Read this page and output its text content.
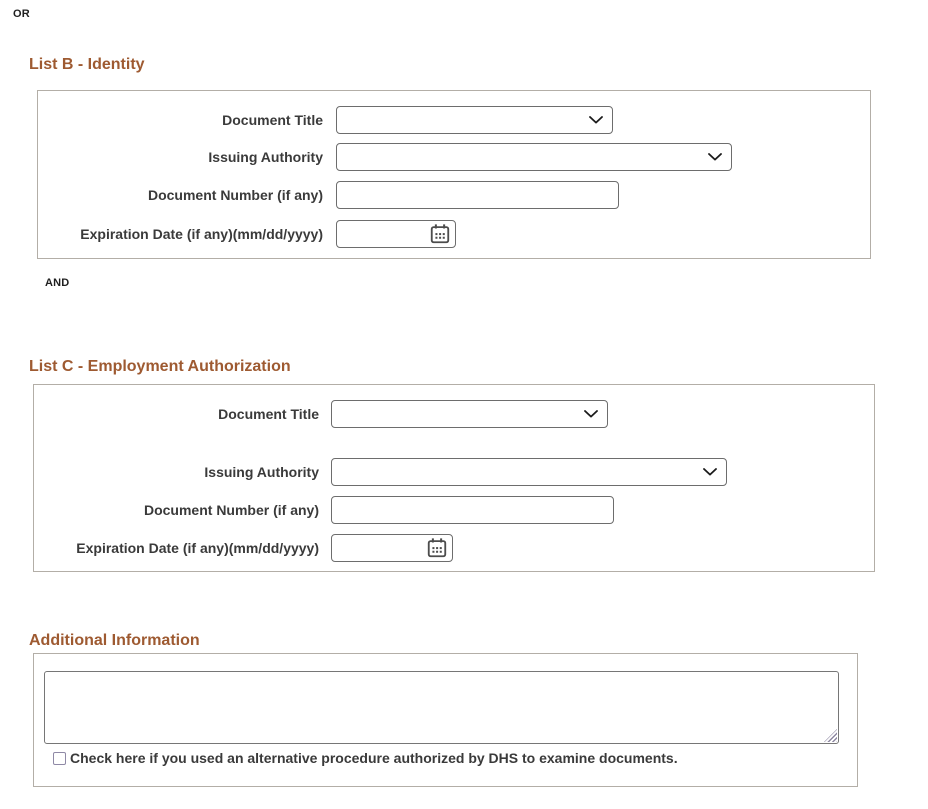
OR
List B - Identity
Document Title
Issuing Authority
Document Number (if any)
Expiration Date (if any)(mm/dd/yyyy)
AND
List C - Employment Authorization
Document Title
Issuing Authority
Document Number (if any)
Expiration Date (if any)(mm/dd/yyyy)
Additional Information
Check here if you used an alternative procedure authorized by DHS to examine documents.
